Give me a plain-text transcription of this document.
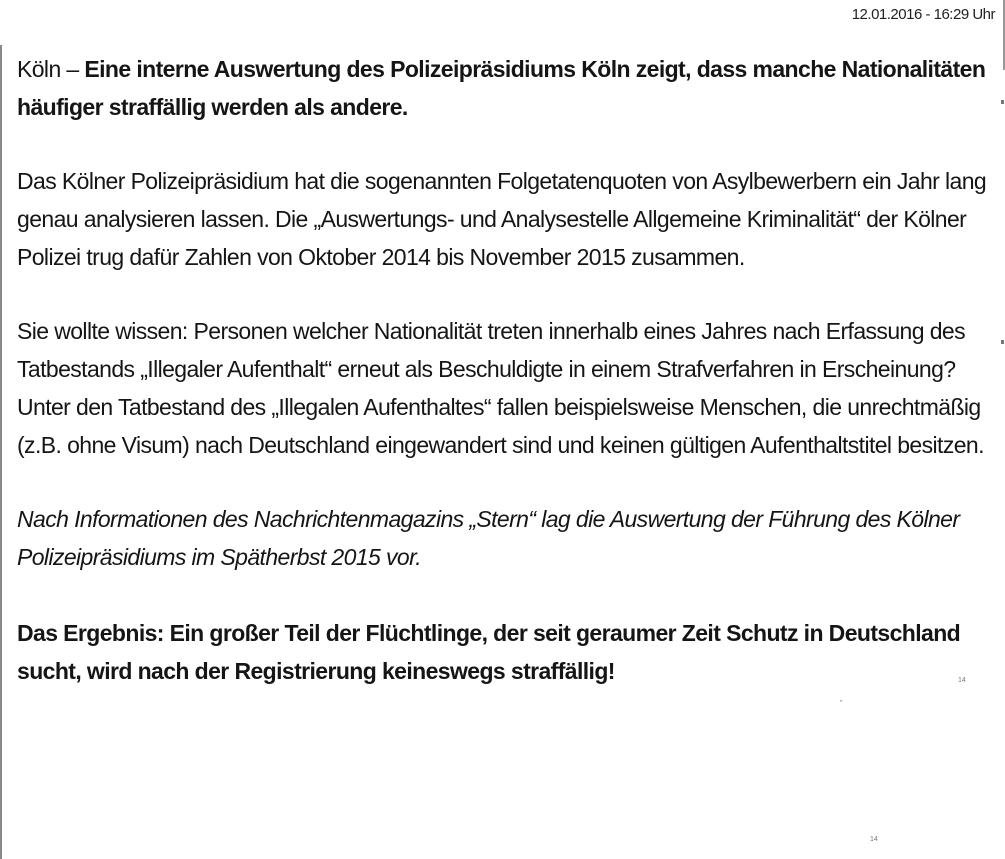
12.01.2016 - 16:29 Uhr

Köln – Eine interne Auswertung des Polizeipräsidiums Köln zeigt, dass manche Nationalitäten häufiger straffällig werden als andere.

Das Kölner Polizeipräsidium hat die sogenannten Folgetatenquoten von Asylbewerbern ein Jahr lang genau analysieren lassen. Die „Auswertungs- und Analysestelle Allgemeine Kriminalität“ der Kölner Polizei trug dafür Zahlen von Oktober 2014 bis November 2015 zusammen.

Sie wollte wissen: Personen welcher Nationalität treten innerhalb eines Jahres nach Erfassung des Tatbestands „Illegaler Aufenthalt“ erneut als Beschuldigte in einem Strafverfahren in Erscheinung? Unter den Tatbestand des „Illegalen Aufenthaltes“ fallen beispielsweise Menschen, die unrechtmäßig (z.B. ohne Visum) nach Deutschland eingewandert sind und keinen gültigen Aufenthaltstitel besitzen.

Nach Informationen des Nachrichtenmagazins „Stern“ lag die Auswertung der Führung des Kölner Polizeipräsidiums im Spätherbst 2015 vor.

Das Ergebnis: Ein großer Teil der Flüchtlinge, der seit geraumer Zeit Schutz in Deutschland sucht, wird nach der Registrierung keineswegs straffällig!	14
"
14
